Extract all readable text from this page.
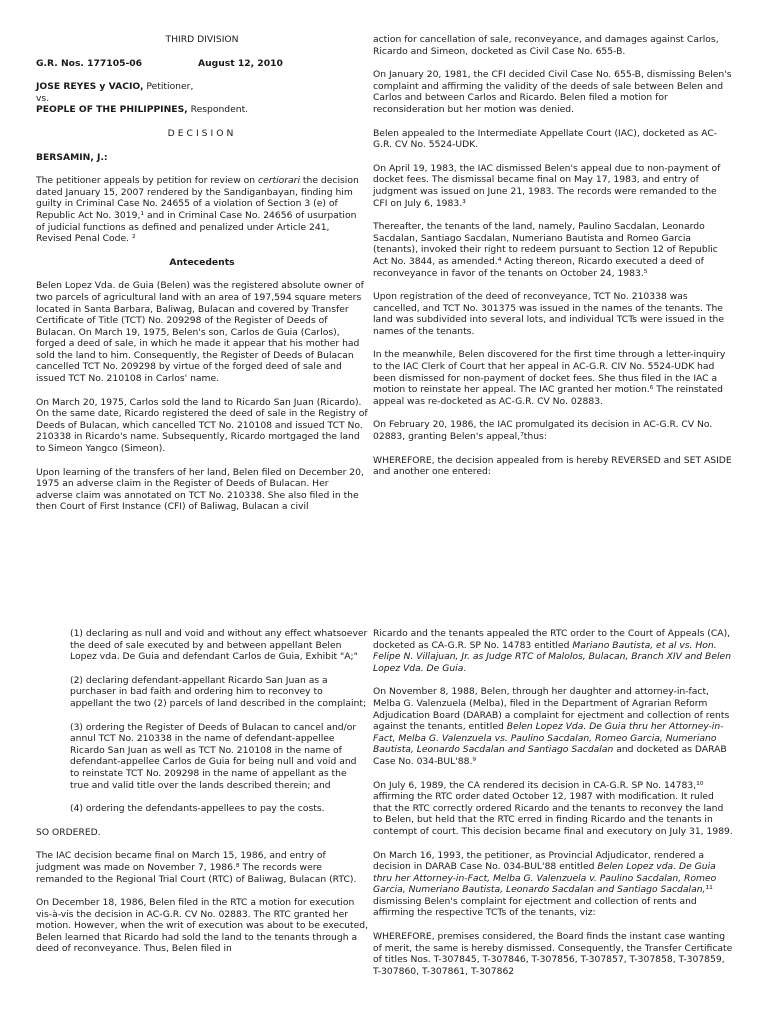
THIRD DIVISION

G.R. Nos. 177105-06	August 12, 2010

JOSE REYES y VACIO, Petitioner,
vs.
PEOPLE OF THE PHILIPPINES, Respondent.

DECISION

BERSAMIN, J.:

The petitioner appeals by petition for review on certiorari the decision dated January 15, 2007 rendered by the Sandiganbayan, finding him guilty in Criminal Case No. 24655 of a violation of Section 3 (e) of Republic Act No. 3019,¹ and in Criminal Case No. 24656 of usurpation of judicial functions as defined and penalized under Article 241, Revised Penal Code. ²

Antecedents

Belen Lopez Vda. de Guia (Belen) was the registered absolute owner of two parcels of agricultural land with an area of 197,594 square meters located in Santa Barbara, Baliwag, Bulacan and covered by Transfer Certificate of Title (TCT) No. 209298 of the Register of Deeds of Bulacan. On March 19, 1975, Belen's son, Carlos de Guia (Carlos), forged a deed of sale, in which he made it appear that his mother had sold the land to him. Consequently, the Register of Deeds of Bulacan cancelled TCT No. 209298 by virtue of the forged deed of sale and issued TCT No. 210108 in Carlos' name.

On March 20, 1975, Carlos sold the land to Ricardo San Juan (Ricardo). On the same date, Ricardo registered the deed of sale in the Registry of Deeds of Bulacan, which cancelled TCT No. 210108 and issued TCT No. 210338 in Ricardo's name. Subsequently, Ricardo mortgaged the land to Simeon Yangco (Simeon).

Upon learning of the transfers of her land, Belen filed on December 20, 1975 an adverse claim in the Register of Deeds of Bulacan. Her adverse claim was annotated on TCT No. 210338. She also filed in the then Court of First Instance (CFI) of Baliwag, Bulacan a civil

action for cancellation of sale, reconveyance, and damages against Carlos, Ricardo and Simeon, docketed as Civil Case No. 655-B.

On January 20, 1981, the CFI decided Civil Case No. 655-B, dismissing Belen's complaint and affirming the validity of the deeds of sale between Belen and Carlos and between Carlos and Ricardo. Belen filed a motion for reconsideration but her motion was denied.

Belen appealed to the Intermediate Appellate Court (IAC), docketed as AC-G.R. CV No. 5524-UDK.

On April 19, 1983, the IAC dismissed Belen's appeal due to non-payment of docket fees. The dismissal became final on May 17, 1983, and entry of judgment was issued on June 21, 1983. The records were remanded to the CFI on July 6, 1983.³

Thereafter, the tenants of the land, namely, Paulino Sacdalan, Leonardo Sacdalan, Santiago Sacdalan, Numeriano Bautista and Romeo Garcia (tenants), invoked their right to redeem pursuant to Section 12 of Republic Act No. 3844, as amended.⁴ Acting thereon, Ricardo executed a deed of reconveyance in favor of the tenants on October 24, 1983.⁵

Upon registration of the deed of reconveyance, TCT No. 210338 was cancelled, and TCT No. 301375 was issued in the names of the tenants. The land was subdivided into several lots, and individual TCTs were issued in the names of the tenants.

In the meanwhile, Belen discovered for the first time through a letter-inquiry to the IAC Clerk of Court that her appeal in AC-G.R. CIV No. 5524-UDK had been dismissed for non-payment of docket fees. She thus filed in the IAC a motion to reinstate her appeal. The IAC granted her motion.⁶ The reinstated appeal was re-docketed as AC-G.R. CV No. 02883.

On February 20, 1986, the IAC promulgated its decision in AC-G.R. CV No. 02883, granting Belen's appeal,⁷thus:

WHEREFORE, the decision appealed from is hereby REVERSED and SET ASIDE and another one entered:

(1) declaring as null and void and without any effect whatsoever the deed of sale executed by and between appellant Belen Lopez vda. De Guia and defendant Carlos de Guia, Exhibit "A;"

(2) declaring defendant-appellant Ricardo San Juan as a purchaser in bad faith and ordering him to reconvey to appellant the two (2) parcels of land described in the complaint;

(3) ordering the Register of Deeds of Bulacan to cancel and/or annul TCT No. 210338 in the name of defendant-appellee Ricardo San Juan as well as TCT No. 210108 in the name of defendant-appellee Carlos de Guia for being null and void and to reinstate TCT No. 209298 in the name of appellant as the true and valid title over the lands described therein; and

(4) ordering the defendants-appellees to pay the costs.

SO ORDERED.

The IAC decision became final on March 15, 1986, and entry of judgment was made on November 7, 1986.⁸ The records were remanded to the Regional Trial Court (RTC) of Baliwag, Bulacan (RTC).

On December 18, 1986, Belen filed in the RTC a motion for execution vis-à-vis the decision in AC-G.R. CV No. 02883. The RTC granted her motion. However, when the writ of execution was about to be executed, Belen learned that Ricardo had sold the land to the tenants through a deed of reconveyance. Thus, Belen filed in

Ricardo and the tenants appealed the RTC order to the Court of Appeals (CA), docketed as CA-G.R. SP No. 14783 entitled Mariano Bautista, et al vs. Hon. Felipe N. Villajuan, Jr. as Judge RTC of Malolos, Bulacan, Branch XIV and Belen Lopez Vda. De Guia.

On November 8, 1988, Belen, through her daughter and attorney-in-fact, Melba G. Valenzuela (Melba), filed in the Department of Agrarian Reform Adjudication Board (DARAB) a complaint for ejectment and collection of rents against the tenants, entitled Belen Lopez Vda. De Guia thru her Attorney-in-Fact, Melba G. Valenzuela vs. Paulino Sacdalan, Romeo Garcia, Numeriano Bautista, Leonardo Sacdalan and Santiago Sacdalan and docketed as DARAB Case No. 034-BUL'88.⁹

On July 6, 1989, the CA rendered its decision in CA-G.R. SP No. 14783,¹⁰ affirming the RTC order dated October 12, 1987 with modification. It ruled that the RTC correctly ordered Ricardo and the tenants to reconvey the land to Belen, but held that the RTC erred in finding Ricardo and the tenants in contempt of court. This decision became final and executory on July 31, 1989.

On March 16, 1993, the petitioner, as Provincial Adjudicator, rendered a decision in DARAB Case No. 034-BUL'88 entitled Belen Lopez vda. De Guia thru her Attorney-in-Fact, Melba G. Valenzuela v. Paulino Sacdalan, Romeo Garcia, Numeriano Bautista, Leonardo Sacdalan and Santiago Sacdalan,¹¹ dismissing Belen's complaint for ejectment and collection of rents and affirming the respective TCTs of the tenants, viz:

WHEREFORE, premises considered, the Board finds the instant case wanting of merit, the same is hereby dismissed. Consequently, the Transfer Certificate of titles Nos. T-307845, T-307846, T-307856, T-307857, T-307858, T-307859, T-307860, T-307861, T-307862
